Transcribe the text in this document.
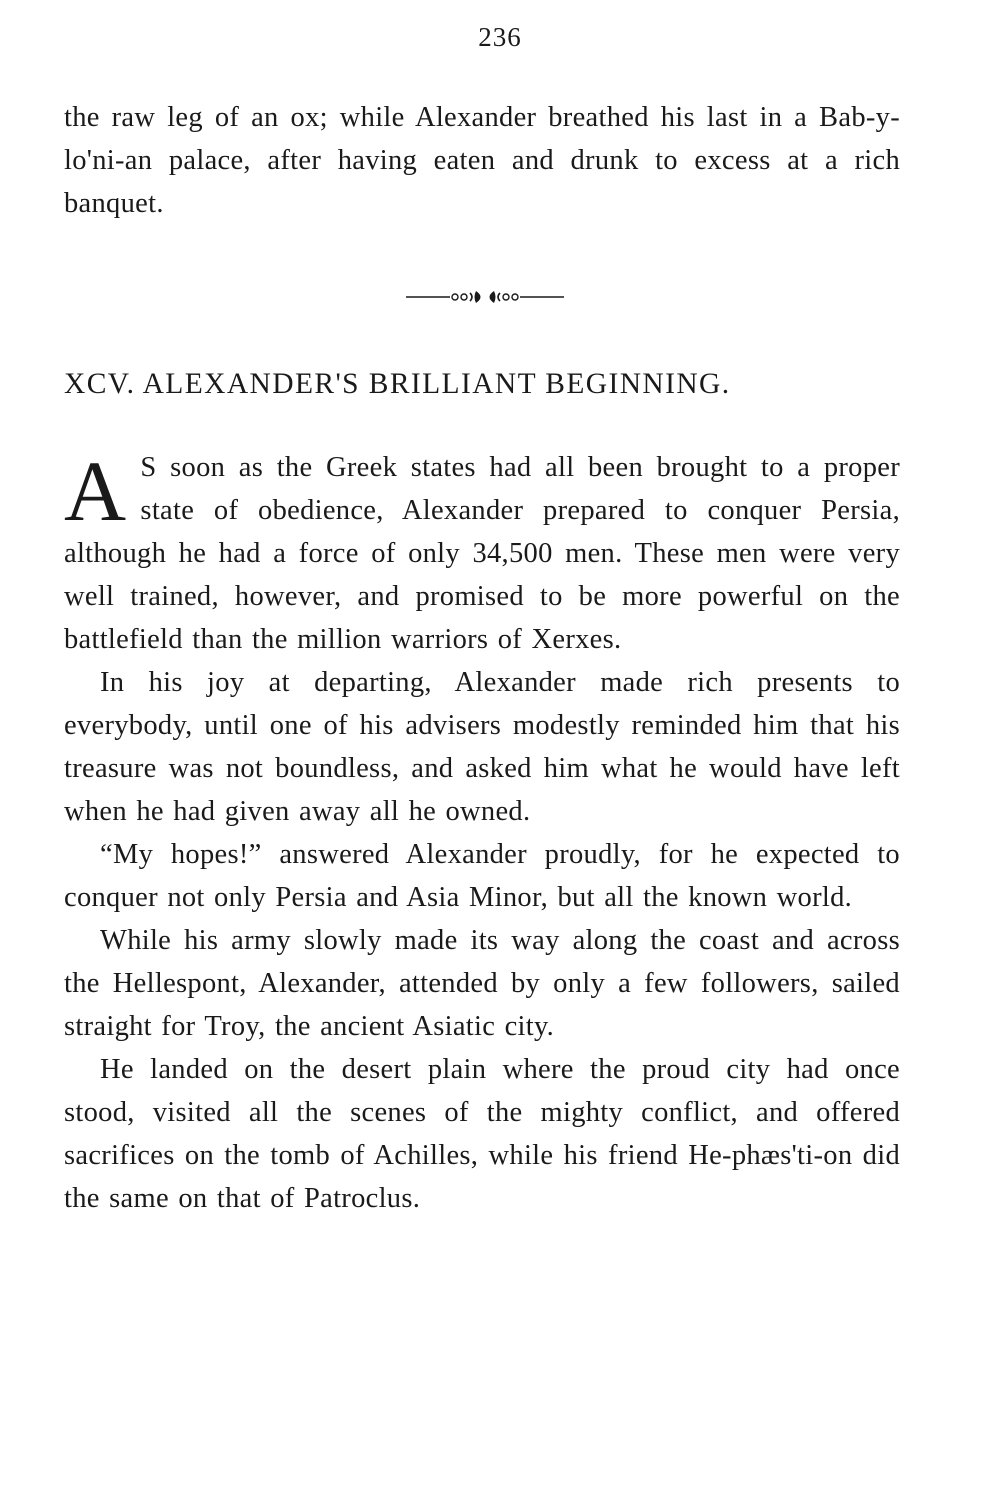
236
the raw leg of an ox; while Alexander breathed his last in a Bab-y-lo'ni-an palace, after having eaten and drunk to excess at a rich banquet.
XCV. ALEXANDER'S BRILLIANT BEGINNING.

A S soon as the Greek states had all been brought to a proper state of obedience, Alexander prepared to conquer Persia, although he had a force of only 34,500 men. These men were very well trained, however, and promised to be more powerful on the battlefield than the million warriors of Xerxes.

In his joy at departing, Alexander made rich presents to everybody, until one of his advisers modestly reminded him that his treasure was not boundless, and asked him what he would have left when he had given away all he owned.

“My hopes!” answered Alexander proudly, for he expected to conquer not only Persia and Asia Minor, but all the known world.

While his army slowly made its way along the coast and across the Hellespont, Alexander, attended by only a few followers, sailed straight for Troy, the ancient Asiatic city.

He landed on the desert plain where the proud city had once stood, visited all the scenes of the mighty conflict, and offered sacrifices on the tomb of Achilles, while his friend He-phæs'ti-on did the same on that of Patroclus.
